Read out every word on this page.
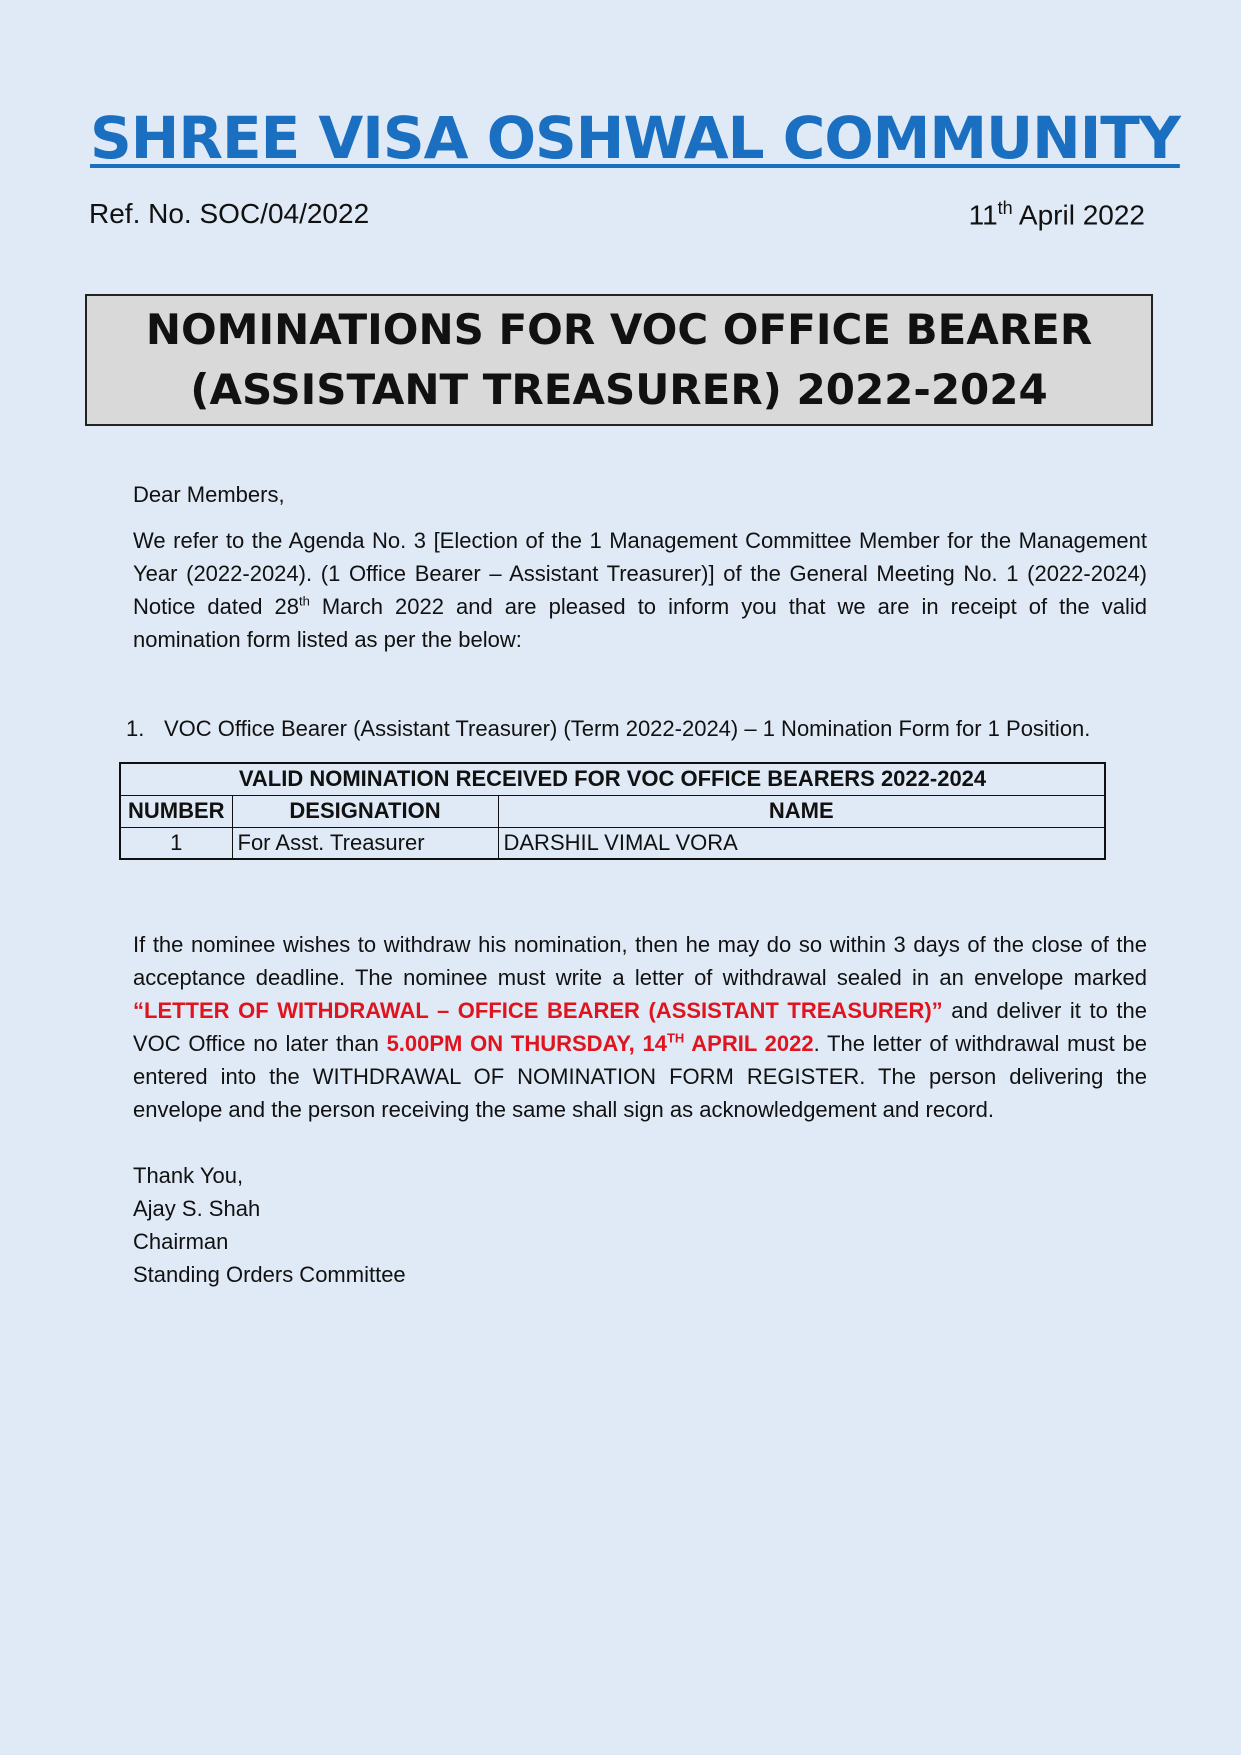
SHREE VISA OSHWAL COMMUNITY
Ref. No. SOC/04/2022	11th April 2022
NOMINATIONS FOR VOC OFFICE BEARER
(ASSISTANT TREASURER) 2022-2024
Dear Members,
We refer to the Agenda No. 3 [Election of the 1 Management Committee Member for the Management Year (2022-2024). (1 Office Bearer – Assistant Treasurer)] of the General Meeting No. 1 (2022-2024) Notice dated 28th March 2022 and are pleased to inform you that we are in receipt of the valid nomination form listed as per the below:
1. VOC Office Bearer (Assistant Treasurer) (Term 2022-2024) – 1 Nomination Form for 1 Position.
VALID NOMINATION RECEIVED FOR VOC OFFICE BEARERS 2022-2024		
NUMBER	DESIGNATION	NAME
1	For Asst. Treasurer	DARSHIL VIMAL VORA
If the nominee wishes to withdraw his nomination, then he may do so within 3 days of the close of the acceptance deadline. The nominee must write a letter of withdrawal sealed in an envelope marked “LETTER OF WITHDRAWAL – OFFICE BEARER (ASSISTANT TREASURER)” and deliver it to the VOC Office no later than 5.00PM ON THURSDAY, 14TH APRIL 2022. The letter of withdrawal must be entered into the WITHDRAWAL OF NOMINATION FORM REGISTER. The person delivering the envelope and the person receiving the same shall sign as acknowledgement and record.
Thank You,
Ajay S. Shah
Chairman
Standing Orders Committee
